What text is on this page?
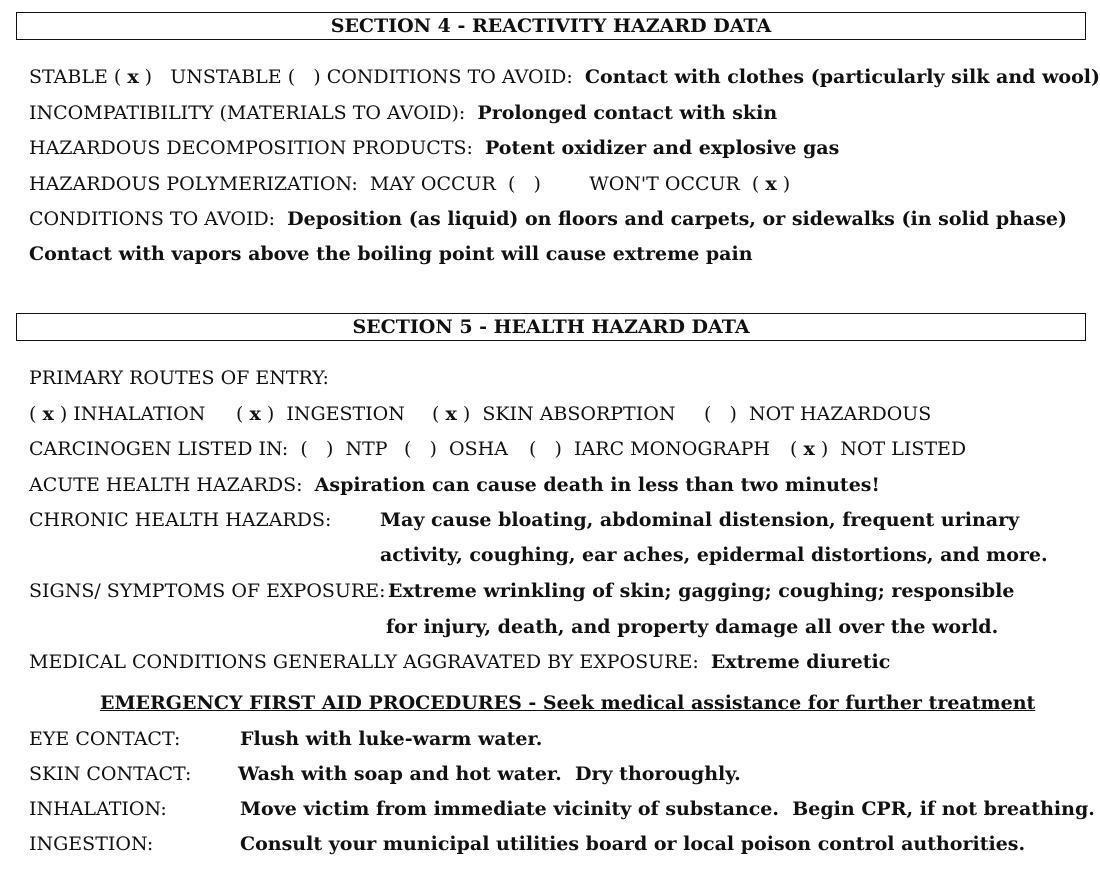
SECTION 4 - REACTIVITY HAZARD DATA
STABLE ( x )   UNSTABLE (   ) CONDITIONS TO AVOID:  Contact with clothes (particularly silk and wool)
INCOMPATIBILITY (MATERIALS TO AVOID):  Prolonged contact with skin
HAZARDOUS DECOMPOSITION PRODUCTS:  Potent oxidizer and explosive gas
HAZARDOUS POLYMERIZATION:  MAY OCCUR  (   )        WON'T OCCUR  ( x )
CONDITIONS TO AVOID:  Deposition (as liquid) on floors and carpets, or sidewalks (in solid phase)
Contact with vapors above the boiling point will cause extreme pain
SECTION 5 - HEALTH HAZARD DATA
PRIMARY ROUTES OF ENTRY:
( x ) INHALATION ( x )  INGESTION ( x )  SKIN ABSORPTION (   )  NOT HAZARDOUS
CARCINOGEN LISTED IN:  (   )  NTP (   )  OSHA (   )  IARC MONOGRAPH ( x )  NOT LISTED
ACUTE HEALTH HAZARDS:  Aspiration can cause death in less than two minutes!
CHRONIC HEALTH HAZARDS:	May cause bloating, abdominal distension, frequent urinary
activity, coughing, ear aches, epidermal distortions, and more.
SIGNS/ SYMPTOMS OF EXPOSURE: Extreme wrinkling of skin; gagging; coughing; responsible
for injury, death, and property damage all over the world.
MEDICAL CONDITIONS GENERALLY AGGRAVATED BY EXPOSURE:  Extreme diuretic
EMERGENCY FIRST AID PROCEDURES - Seek medical assistance for further treatment
EYE CONTACT:	Flush with luke-warm water.
SKIN CONTACT: Wash with soap and hot water.  Dry thoroughly.
INHALATION:	Move victim from immediate vicinity of substance.  Begin CPR, if not breathing.
INGESTION:	Consult your municipal utilities board or local poison control authorities.
